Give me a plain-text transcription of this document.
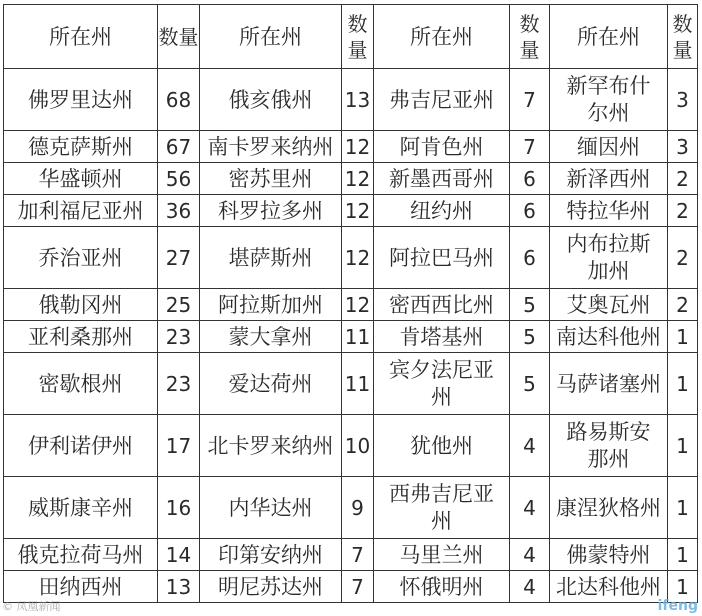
所在州	数量	所在州	数量	所在州	数量	所在州	数量
佛罗里达州	68	俄亥俄州	13	弗吉尼亚州	7	新罕布什尔州	3
德克萨斯州	67	南卡罗来纳州	12	阿肯色州	7	缅因州	3
华盛顿州	56	密苏里州	12	新墨西哥州	6	新泽西州	2
加利福尼亚州	36	科罗拉多州	12	纽约州	6	特拉华州	2
乔治亚州	27	堪萨斯州	12	阿拉巴马州	6	内布拉斯加州	2
俄勒冈州	25	阿拉斯加州	12	密西西比州	5	艾奥瓦州	2
亚利桑那州	23	蒙大拿州	11	肯塔基州	5	南达科他州	1
密歇根州	23	爱达荷州	11	宾夕法尼亚州	5	马萨诸塞州	1
伊利诺伊州	17	北卡罗来纳州	10	犹他州	4	路易斯安那州	1
威斯康辛州	16	内华达州	9	西弗吉尼亚州	4	康涅狄格州	1
俄克拉荷马州	14	印第安纳州	7	马里兰州	4	佛蒙特州	1
田纳西州	13	明尼苏达州	7	怀俄明州	4	北达科他州	1
© 凤凰新闻	ifeng
